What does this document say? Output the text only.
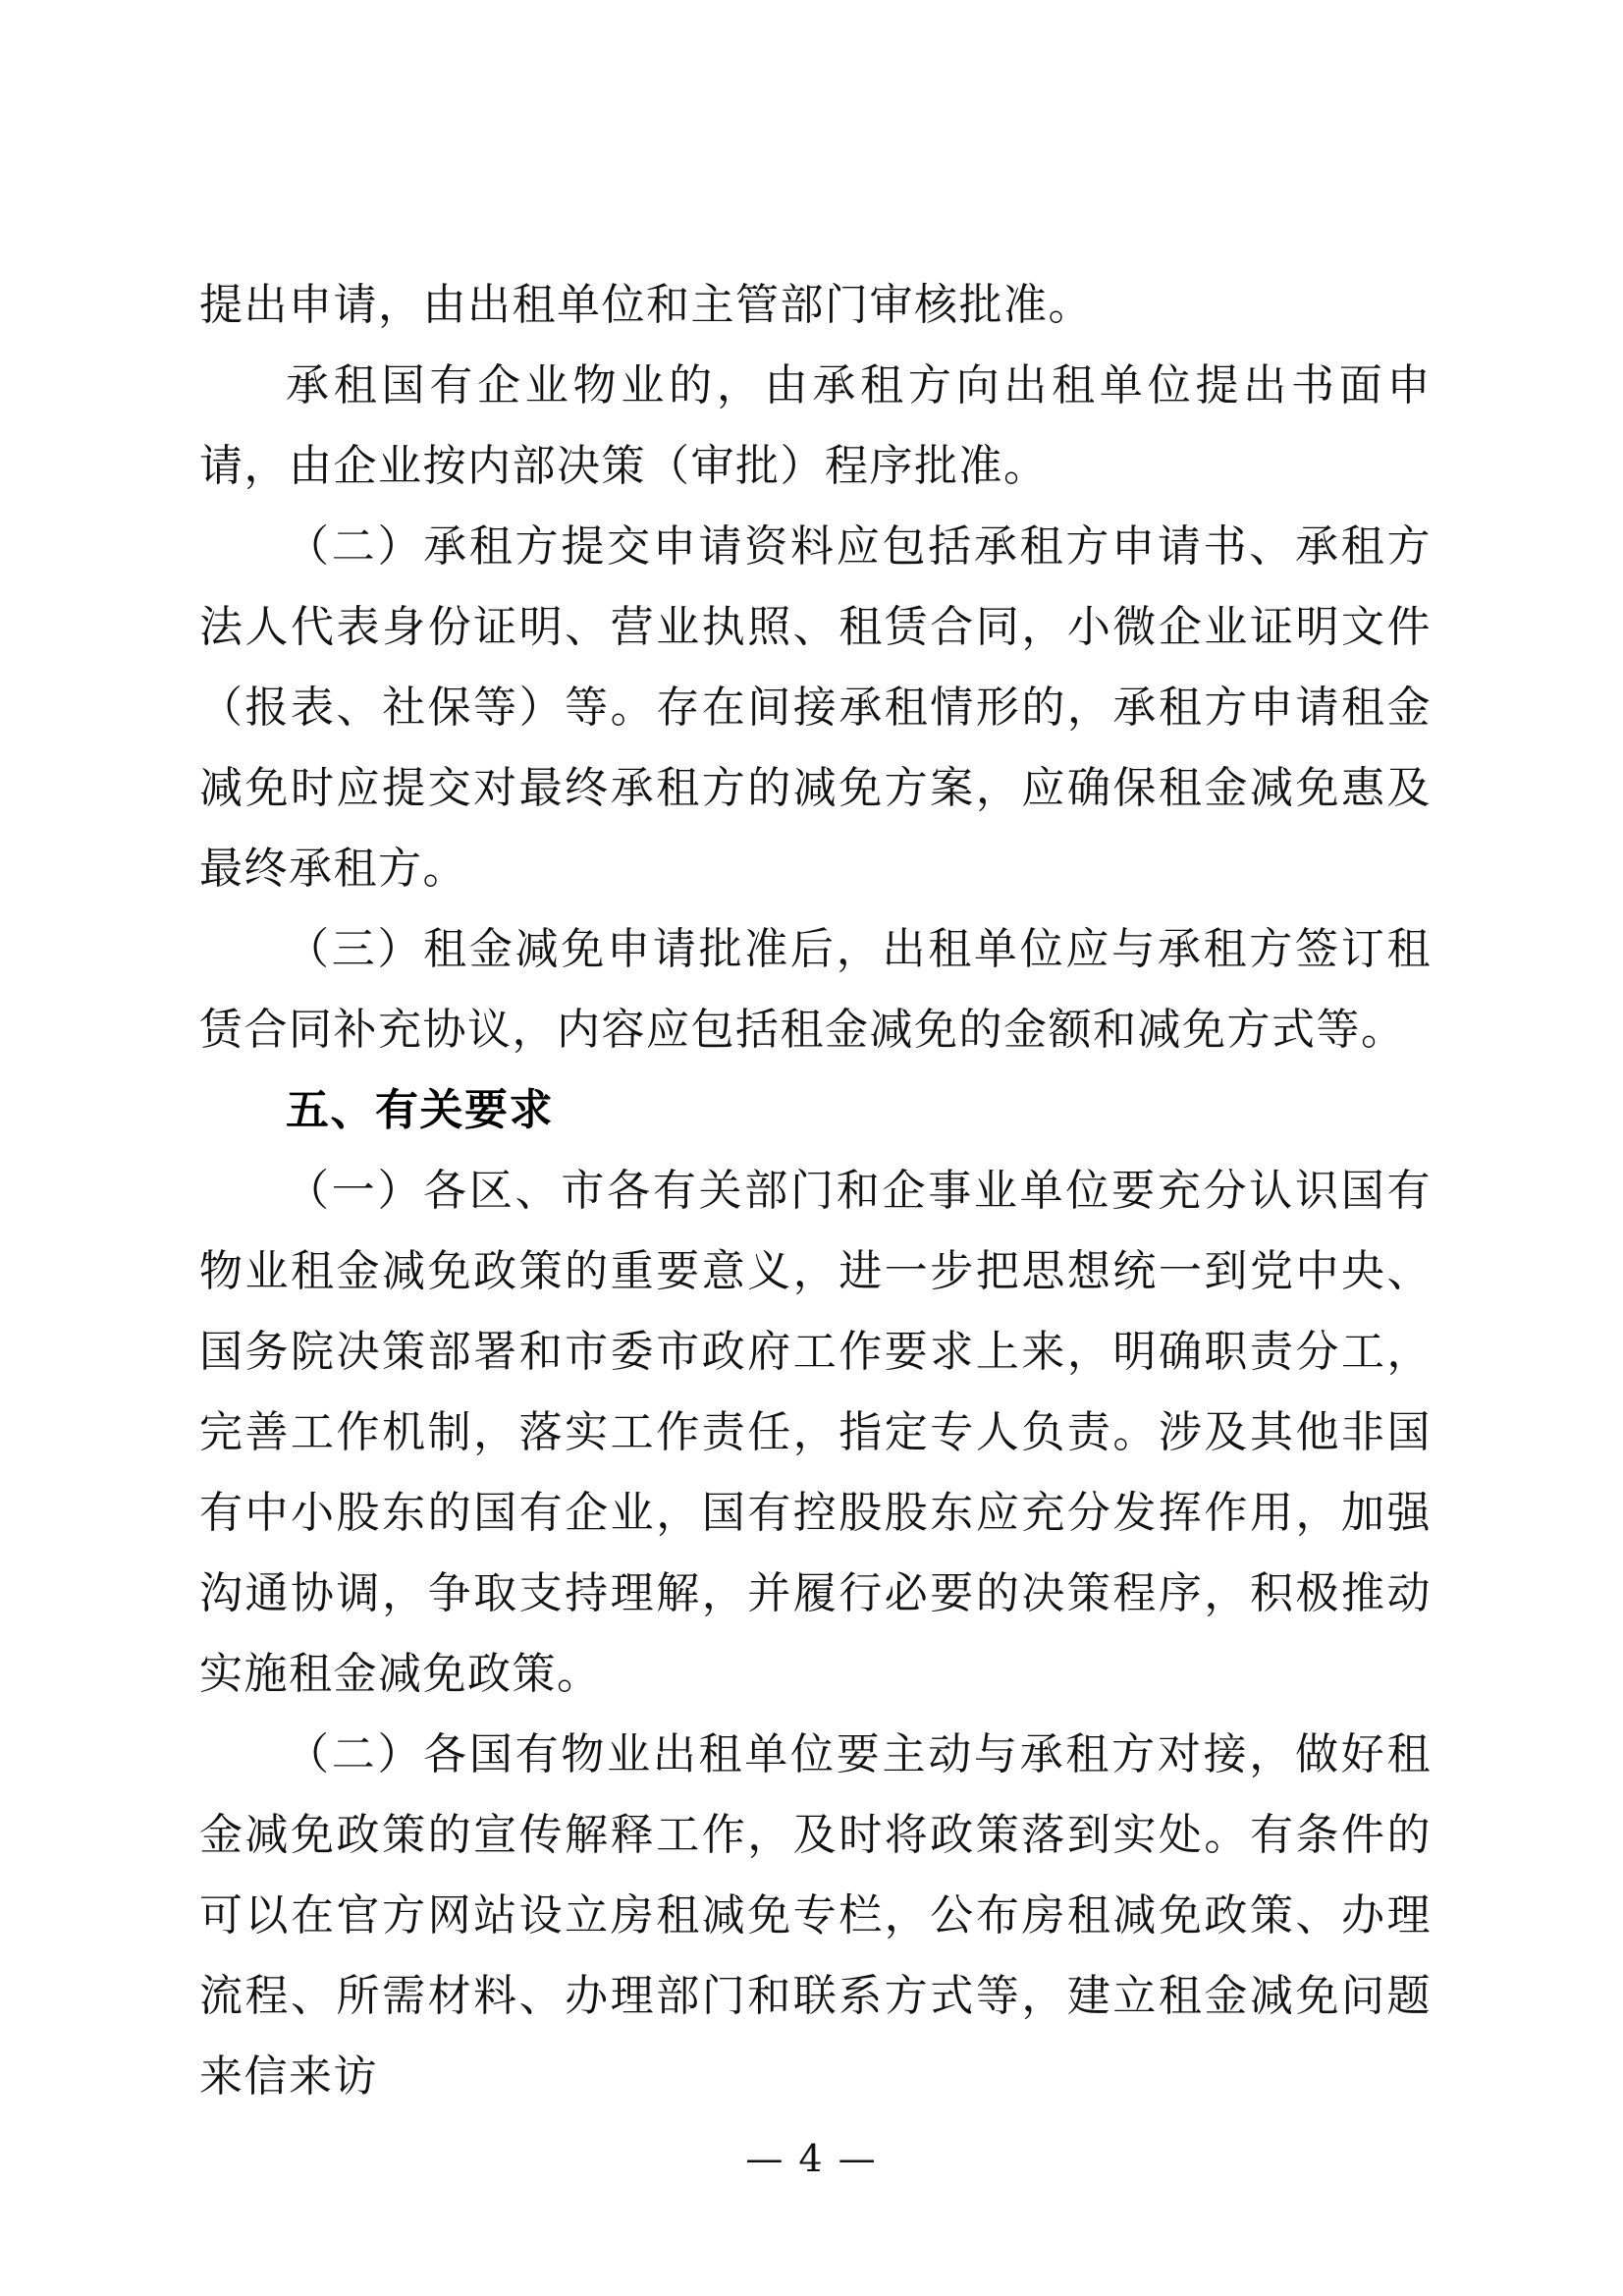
提出申请，由出租单位和主管部门审核批准。

承租国有企业物业的，由承租方向出租单位提出书面申请，由企业按内部决策（审批）程序批准。

（二）承租方提交申请资料应包括承租方申请书、承租方法人代表身份证明、营业执照、租赁合同，小微企业证明文件（报表、社保等）等。存在间接承租情形的，承租方申请租金减免时应提交对最终承租方的减免方案，应确保租金减免惠及最终承租方。

（三）租金减免申请批准后，出租单位应与承租方签订租赁合同补充协议，内容应包括租金减免的金额和减免方式等。

五、有关要求

（一）各区、市各有关部门和企事业单位要充分认识国有物业租金减免政策的重要意义，进一步把思想统一到党中央、国务院决策部署和市委市政府工作要求上来，明确职责分工，完善工作机制，落实工作责任，指定专人负责。涉及其他非国有中小股东的国有企业，国有控股股东应充分发挥作用，加强沟通协调，争取支持理解，并履行必要的决策程序，积极推动实施租金减免政策。

（二）各国有物业出租单位要主动与承租方对接，做好租金减免政策的宣传解释工作，及时将政策落到实处。有条件的可以在官方网站设立房租减免专栏，公布房租减免政策、办理流程、所需材料、办理部门和联系方式等，建立租金减免问题来信来访

— 4 —
